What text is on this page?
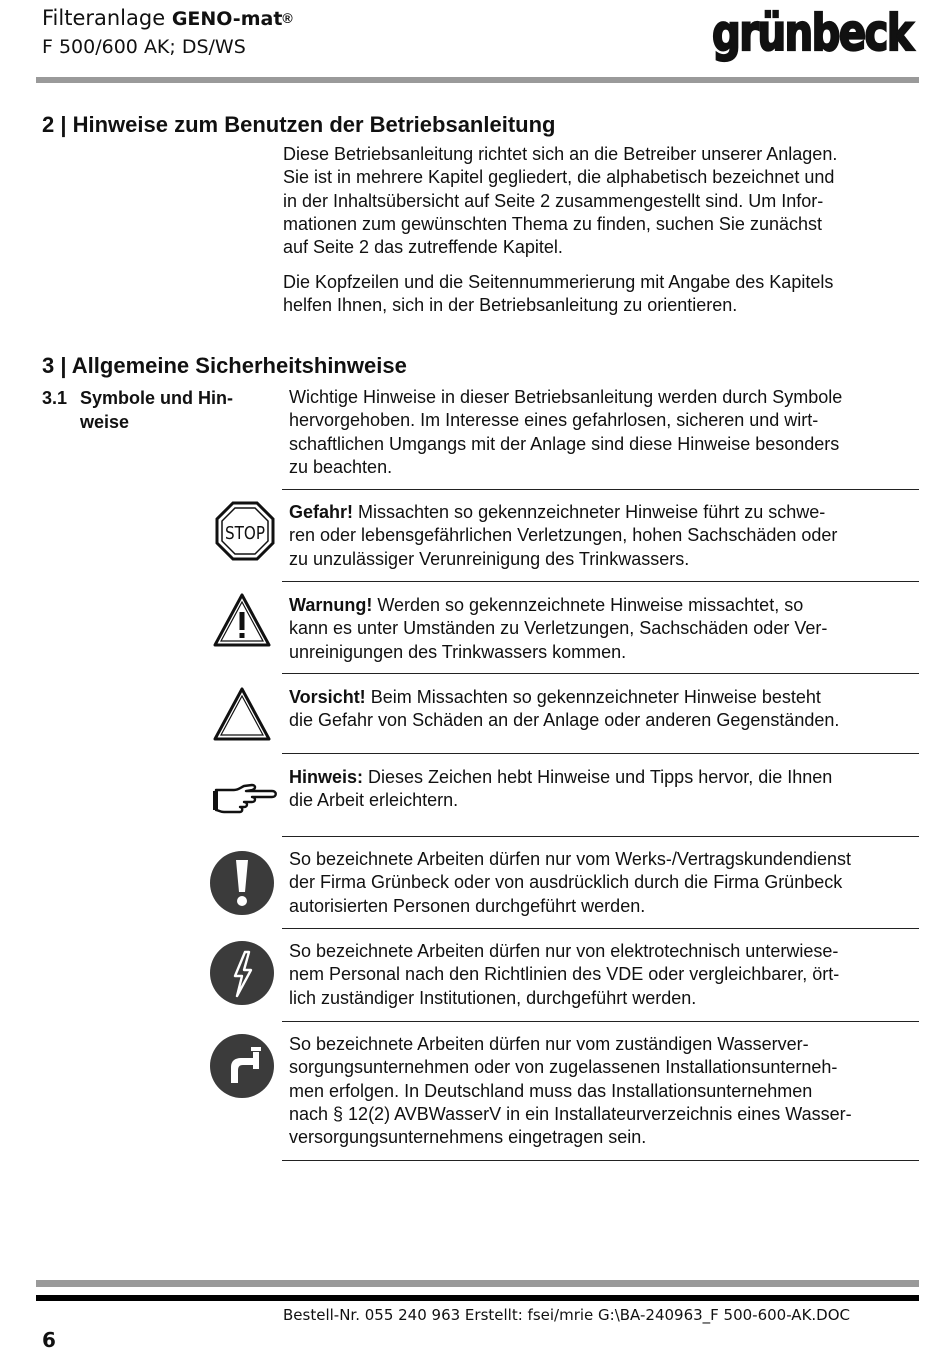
Filteranlage GENO-mat®
F 500/600 AK; DS/WS	grünbeck
2 | Hinweise zum Benutzen der Betriebsanleitung

Diese Betriebsanleitung richtet sich an die Betreiber unserer Anlagen.

Sie ist in mehrere Kapitel gegliedert, die alphabetisch bezeichnet und

in der Inhaltsübersicht auf Seite 2 zusammengestellt sind. Um Infor-

mationen zum gewünschten Thema zu finden, suchen Sie zunächst

auf Seite 2 das zutreffende Kapitel.

Die Kopfzeilen und die Seitennummerierung mit Angabe des Kapitels

helfen Ihnen, sich in der Betriebsanleitung zu orientieren.

3 | Allgemeine Sicherheitshinweise
3.1 Symbole und Hin-
weise

Wichtige Hinweise in dieser Betriebsanleitung werden durch Symbole

hervorgehoben. Im Interesse eines gefahrlosen, sicheren und wirt-

schaftlichen Umgangs mit der Anlage sind diese Hinweise besonders

zu beachten.

STOP

Gefahr! Missachten so gekennzeichneter Hinweise führt zu schwe-

ren oder lebensgefährlichen Verletzungen, hohen Sachschäden oder

zu unzulässiger Verunreinigung des Trinkwassers.

Warnung! Werden so gekennzeichnete Hinweise missachtet, so

kann es unter Umständen zu Verletzungen, Sachschäden oder Ver-

unreinigungen des Trinkwassers kommen.

Vorsicht! Beim Missachten so gekennzeichneter Hinweise besteht

die Gefahr von Schäden an der Anlage oder anderen Gegenständen.

Hinweis: Dieses Zeichen hebt Hinweise und Tipps hervor, die Ihnen

die Arbeit erleichtern.

So bezeichnete Arbeiten dürfen nur vom Werks-/Vertragskundendienst

der Firma Grünbeck oder von ausdrücklich durch die Firma Grünbeck

autorisierten Personen durchgeführt werden.

So bezeichnete Arbeiten dürfen nur von elektrotechnisch unterwiese-

nem Personal nach den Richtlinien des VDE oder vergleichbarer, ört-

lich zuständiger Institutionen, durchgeführt werden.

So bezeichnete Arbeiten dürfen nur vom zuständigen Wasserver-

sorgungsunternehmen oder von zugelassenen Installationsunterneh-

men erfolgen. In Deutschland muss das Installationsunternehmen

nach § 12(2) AVBWasserV in ein Installateurverzeichnis eines Wasser-

versorgungsunternehmens eingetragen sein.

Bestell-Nr. 055 240 963 Erstellt: fsei/mrie G:\BA-240963_F 500-600-AK.DOC
6
